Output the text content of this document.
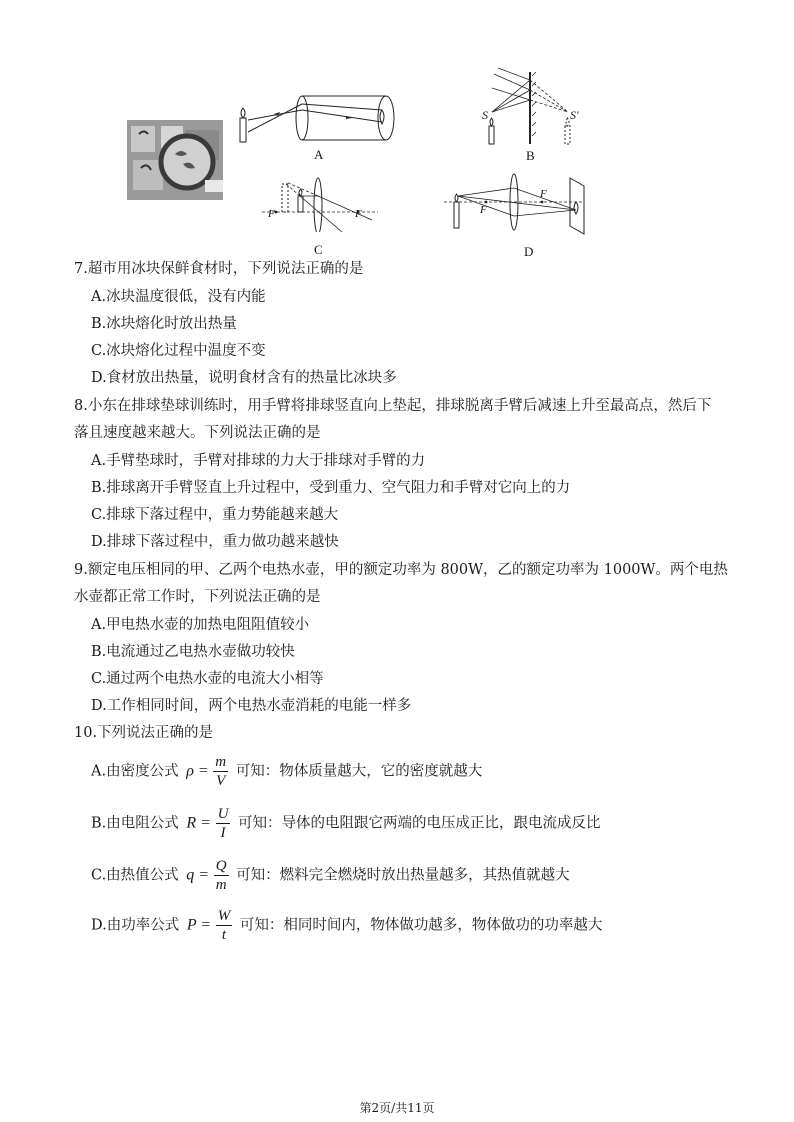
A
S	S'
B
F	F
C
F
F
D
7.超市用冰块保鲜食材时，下列说法正确的是
A.冰块温度很低，没有内能
B.冰块熔化时放出热量
C.冰块熔化过程中温度不变
D.食材放出热量，说明食材含有的热量比冰块多
8.小东在排球垫球训练时，用手臂将排球竖直向上垫起，排球脱离手臂后减速上升至最高点，然后下
落且速度越来越大。下列说法正确的是
A.手臂垫球时，手臂对排球的力大于排球对手臂的力
B.排球离开手臂竖直上升过程中，受到重力、空气阻力和手臂对它向上的力
C.排球下落过程中，重力势能越来越大
D.排球下落过程中，重力做功越来越快
9.额定电压相同的甲、乙两个电热水壶，甲的额定功率为 800W，乙的额定功率为 1000W。两个电热
水壶都正常工作时，下列说法正确的是
A.甲电热水壶的加热电阻阻值较小
B.电流通过乙电热水壶做功较快
C.通过两个电热水壶的电流大小相等
D.工作相同时间，两个电热水壶消耗的电能一样多
10.下列说法正确的是
A.由密度公式 $\rho = \frac{m}{V}$ 可知：物体质量越大，它的密度就越大
B.由电阻公式 $R = \frac{U}{I}$ 可知：导体的电阻跟它两端的电压成正比，跟电流成反比
C.由热值公式 $q = \frac{Q}{m}$ 可知：燃料完全燃烧时放出热量越多，其热值就越大
D.由功率公式 $P = \frac{W}{t}$ 可知：相同时间内，物体做功越多，物体做功的功率越大
第2页/共11页
